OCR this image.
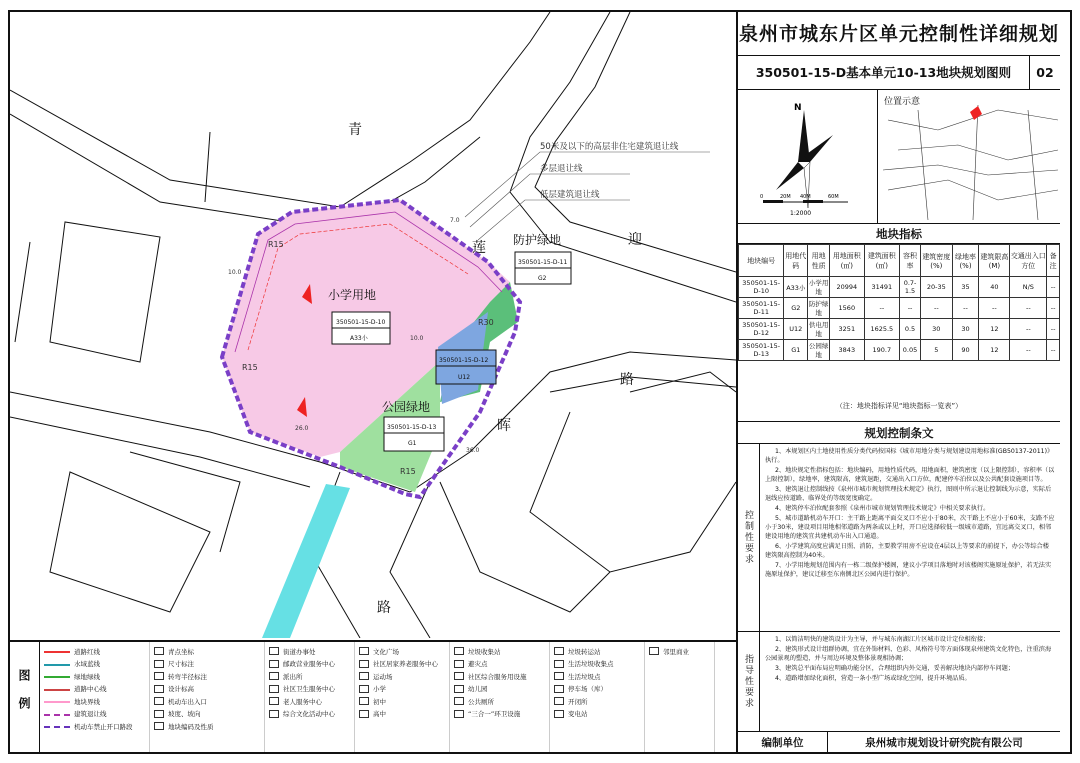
青
莲	迎
路
晖
路
50米及以下的高层非住宅建筑退让线
多层退让线
低层建筑退让线
小学用地
防护绿地
公园绿地
350501-15-D-10
A33小
350501-15-D-11
G2
350501-15-D-12
U12
350501-15-D-13
G1
R15
R15
R30
R15
7.0
10.0
26.0
36.0
10.0
泉州市城东片区单元控制性详细规划
350501-15-D基本单元10-13地块规划图则	02
N
0	20M 40M	60M
1:2000
位置示意
地块指标
地块编号	用地代码	用地性质	用地面积(㎡)	建筑面积(㎡)	容积率	建筑密度(%)	绿地率(%)	建筑限高(M)	交通出入口方位	备注
350501-15-D-10	A33小	小学用地	20994	31491	0.7-1.5	20-35	35	40	N/S	--
350501-15-D-11	G2	防护绿地	1560	--	--	--	--	--	--	--
350501-15-D-12	U12	供电用地	3251	1625.5	0.5	30	30	12	--	--
350501-15-D-13	G1	公园绿地	3843	190.7	0.05	5	90	12	--	--
（注：地块指标详见“地块指标一览表”）
规划控制条文
控制性要求

1、本规划区内土地使用性质分类代码按国标《城市用地分类与规划建设用地标准(GB50137-2011)》执行。

2、地块规定性指标包括：地块编码，用地性质代码，用地面积，建筑密度（以上限控制），容积率（以上限控制），绿地率，建筑限高，建筑退距，交通出入口方位，配建停车泊位以及公共配套设施项目等。

3、建筑退让控制线按《泉州市城市规划管理技术规定》执行，图则中所示退让控制线为示意，实际后退线应按道路、临界处的等级宽度确定。

4、建筑停车泊位配套参照《泉州市城市规划管理技术规定》中相关要求执行。

5、城市道路机动车开口：主干路上距离平面交叉口不应小于80米，次干路上不应小于60米，支路不应小于30米，建设项目用地相邻道路为两条或以上时，开口应选择较低一级城市道路，宜远离交叉口，相邻建设用地的建筑宜共建机动车出入口通道。

6、小学建筑高度应满足日照、消防，主要教学用房不应设在4层以上等要求的前提下，办公等综合楼建筑限高控制为40米。

7、小学用地规划范围内有一栋二级保护楼阁，建议小学项目落地时对该楼阁实施原址保护，若无法实施原址保护，建议迁移至东南侧北区公园内进行保护。

指导性要求

1、以简洁明快的建筑设计为主导，并与城东南湖江片区城市设计定位相衔接；

2、建筑形式设计组群协调，宜在外饰材料、色彩、风格符号等方面体现泉州建筑文化特色，注重滨海公园景观的塑造，并与周边环境及整体景观相协调；

3、建筑总平面布局应明确功能分区，合理组织内外交通，妥善解决地块内部停车问题；

4、道路增加绿化面积，营造一条小型广场或绿化空间，提升环境品质。

编制单位	泉州城市规划设计研究院有限公司
图例
道路红线
水域蓝线
绿地绿线
道路中心线
地块界线
建筑退让线
机动车禁止开口路段
青点坐标
尺寸标注
转弯半径标注
设计标高
机动车出入口
坡度、坡向
地块编码及性质
街道办事处
邮政营业服务中心
派出所
社区卫生服务中心
老人服务中心
综合文化活动中心
文化广场
社区居家养老服务中心
运动场
小学
初中
高中
垃圾收集站
避灾点
社区综合服务用设施
幼儿园
公共厕所
“三合一”环卫设施
垃圾转运站
生活垃圾收集点
生活垃圾点
停车场（库）
开闭所
变电站
邻里商业
